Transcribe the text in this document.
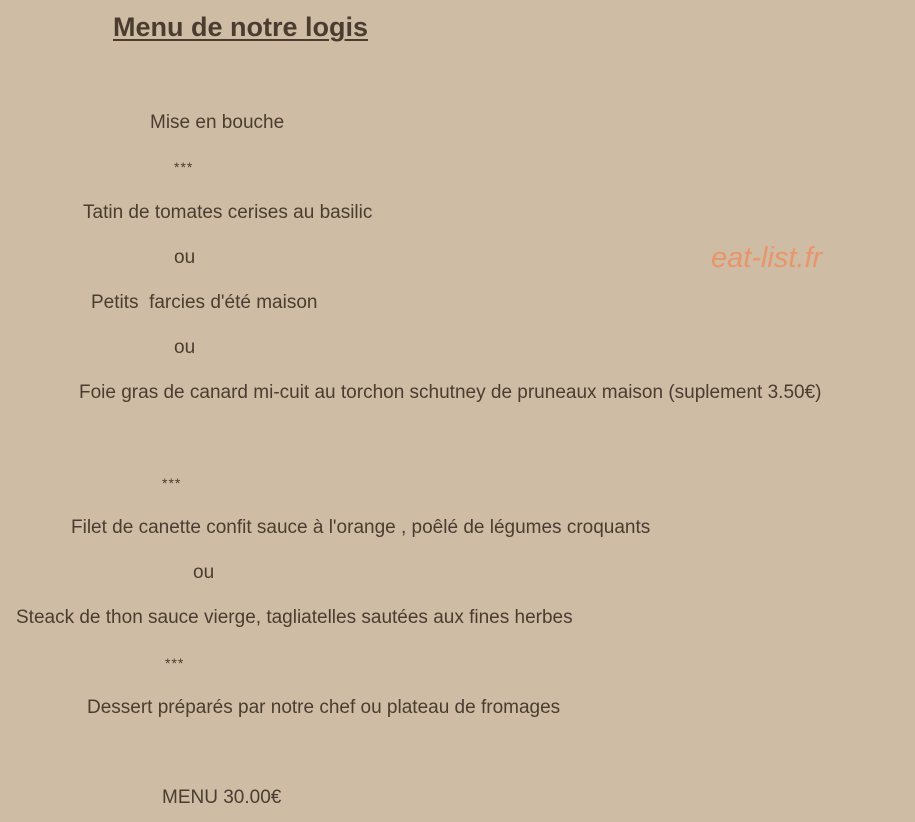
Menu de notre logis
Mise en bouche
***
Tatin de tomates cerises au basilic
ou
Petits  farcies d'été maison
ou
Foie gras de canard mi-cuit au torchon schutney de pruneaux maison (suplement 3.50€)
***
Filet de canette confit sauce à l'orange , poêlé de légumes croquants
ou
Steack de thon sauce vierge, tagliatelles sautées aux fines herbes
***
Dessert préparés par notre chef ou plateau de fromages
MENU 30.00€
eat-list.fr
